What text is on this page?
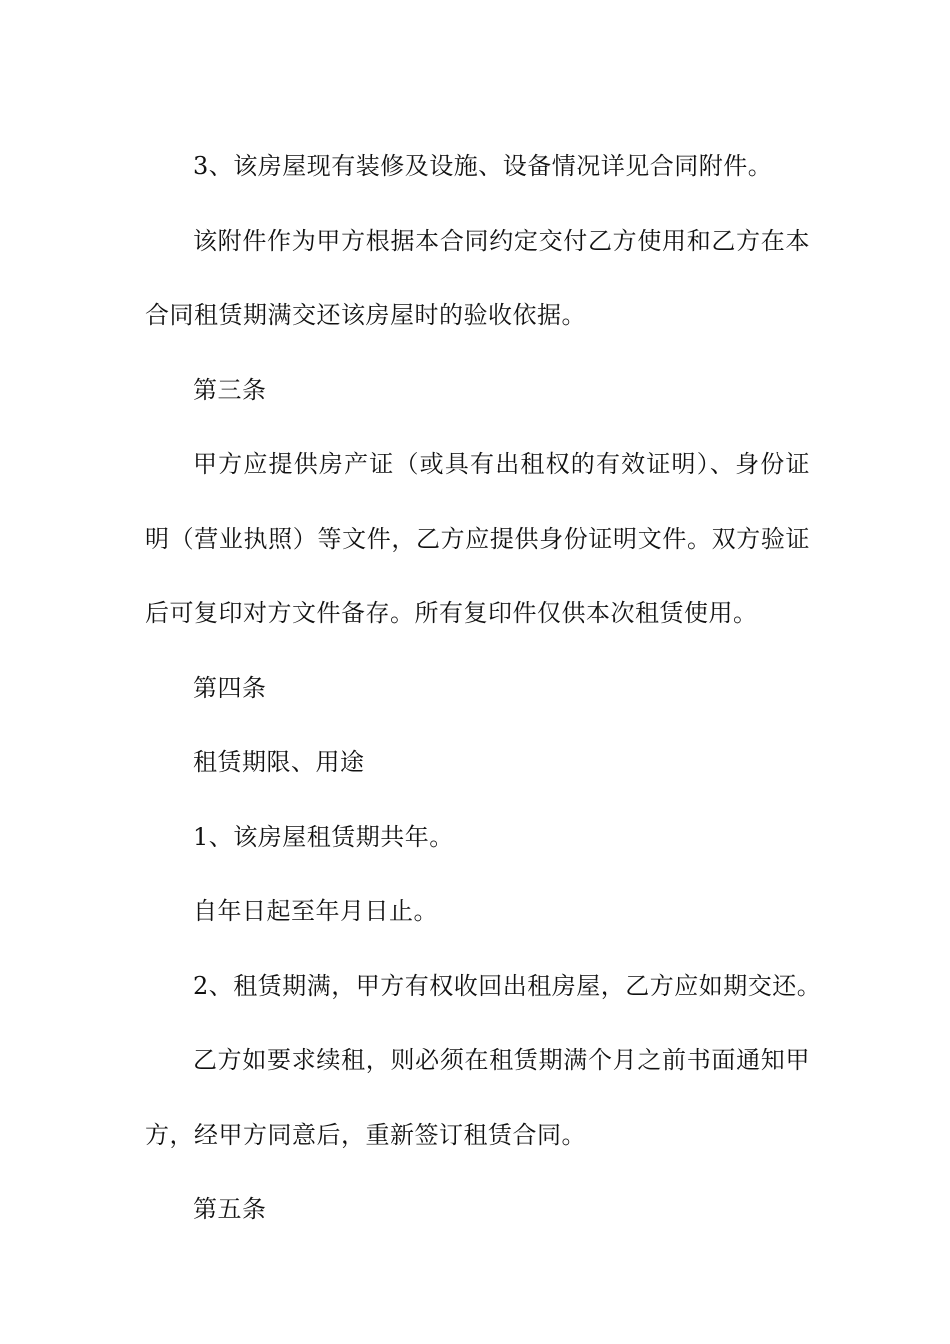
3、该房屋现有装修及设施、设备情况详见合同附件。

该附件作为甲方根据本合同约定交付乙方使用和乙方在本合同租赁期满交还该房屋时的验收依据。

第三条

甲方应提供房产证（或具有出租权的有效证明）、身份证明（营业执照）等文件，乙方应提供身份证明文件。双方验证后可复印对方文件备存。所有复印件仅供本次租赁使用。

第四条

租赁期限、用途

1、该房屋租赁期共年。

自年日起至年月日止。

2、租赁期满，甲方有权收回出租房屋，乙方应如期交还。

乙方如要求续租，则必须在租赁期满个月之前书面通知甲方，经甲方同意后，重新签订租赁合同。

第五条
